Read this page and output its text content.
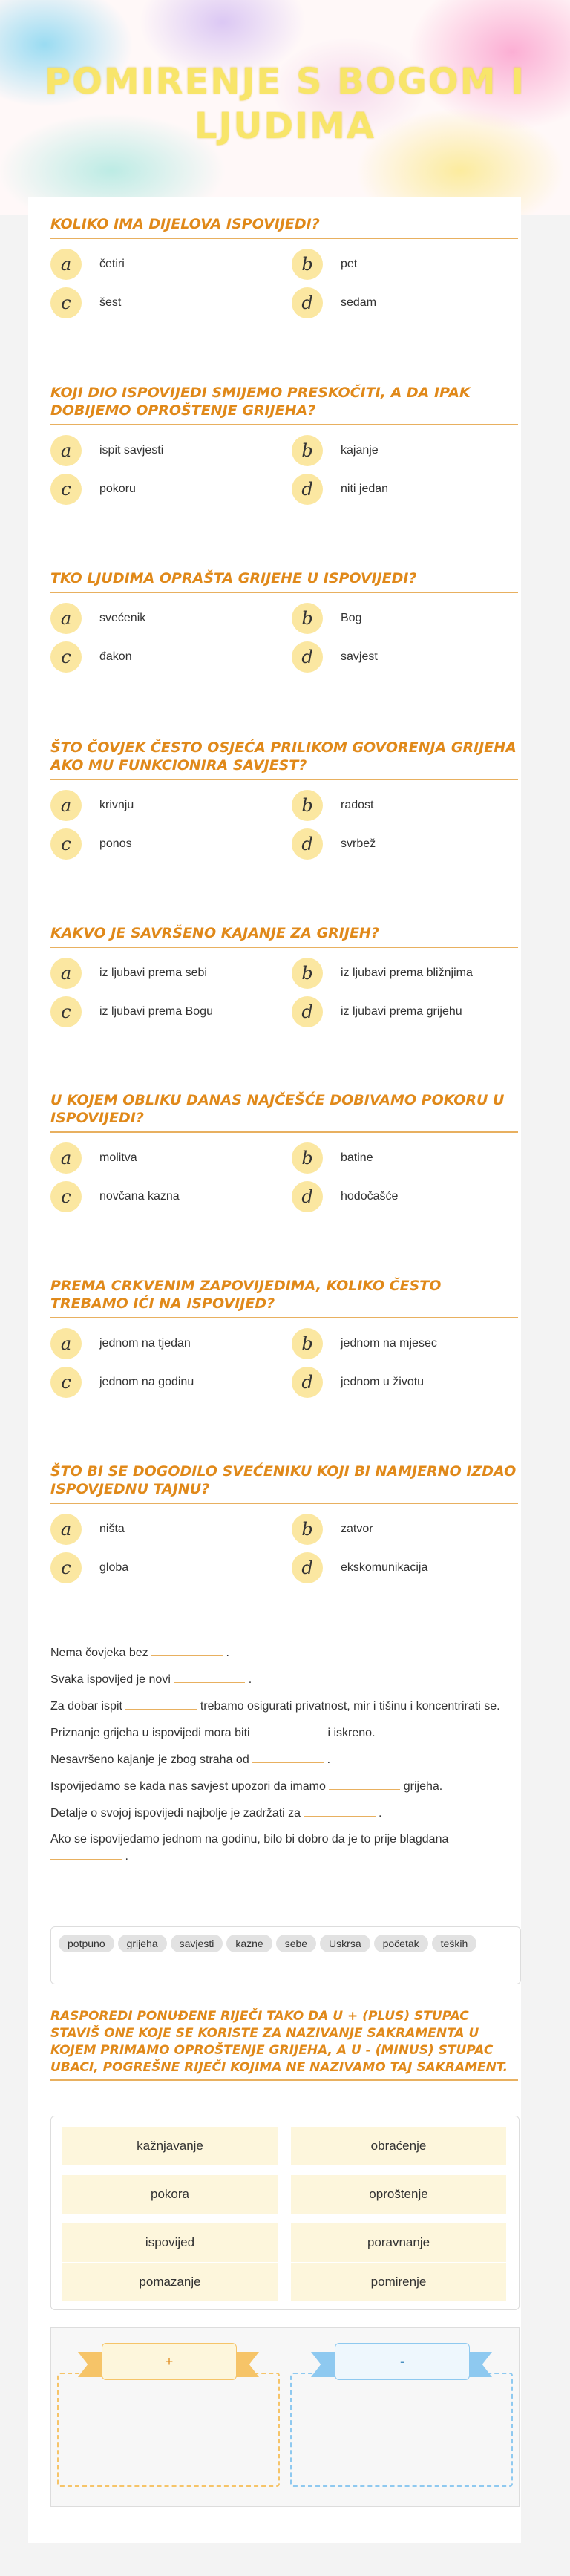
POMIRENJE S BOGOM I LJUDIMA
KOLIKO IMA DIJELOVA ISPOVIJEDI?
a	četiri	b	pet
c	šest	d	sedam
KOJI DIO ISPOVIJEDI SMIJEMO PRESKOČITI, A DA IPAK DOBIJEMO OPROŠTENJE GRIJEHA?
a	ispit savjesti	b	kajanje
c	pokoru	d	niti jedan
TKO LJUDIMA OPRAŠTA GRIJEHE U ISPOVIJEDI?
a	svećenik	b	Bog
c	đakon	d	savjest
ŠTO ČOVJEK ČESTO OSJEĆA PRILIKOM GOVORENJA GRIJEHA AKO MU FUNKCIONIRA SAVJEST?
a	krivnju	b	radost
c	ponos	d	svrbež
KAKVO JE SAVRŠENO KAJANJE ZA GRIJEH?
a	iz ljubavi prema sebi	b	iz ljubavi prema bližnjima
c	iz ljubavi prema Bogu	d	iz ljubavi prema grijehu
U KOJEM OBLIKU DANAS NAJČEŠĆE DOBIVAMO POKORU U ISPOVIJEDI?
a	molitva	b	batine
c	novčana kazna	d	hodočašće
PREMA CRKVENIM ZAPOVIJEDIMA, KOLIKO ČESTO TREBAMO IĆI NA ISPOVIJED?
a	jednom na tjedan	b	jednom na mjesec
c	jednom na godinu	d	jednom u životu
ŠTO BI SE DOGODILO SVEĆENIKU KOJI BI NAMJERNO IZDAO ISPOVJEDNU TAJNU?
a	ništa	b	zatvor
c	globa	d	ekskomunikacija

Nema čovjeka bez	.

Svaka ispovijed je novi	.

Za dobar ispit	trebamo osigurati privatnost, mir i tišinu i koncentrirati se.

Priznanje grijeha u ispovijedi mora biti	i iskreno.

Nesavršeno kajanje je zbog straha od	.

Ispovijedamo se kada nas savjest upozori da imamo	grijeha.

Detalje o svojoj ispovijedi najbolje je zadržati za	.

Ako se ispovijedamo jednom na godinu, bilo bi dobro da je to prije blagdana  .

potpuno grijeha savjesti kazne sebe Uskrsa početak teških
RASPOREDI PONUĐENE RIJEČI TAKO DA U + (PLUS) STUPAC STAVIŠ ONE KOJE SE KORISTE ZA NAZIVANJE SAKRAMENTA U KOJEM PRIMAMO OPROŠTENJE GRIJEHA, A U - (MINUS) STUPAC UBACI, POGREŠNE RIJEČI KOJIMA NE NAZIVAMO TAJ SAKRAMENT.
kažnjavanje	obraćenje
pokora	oproštenje
ispovijed	poravnanje
pomazanje	pomirenje
+	-
